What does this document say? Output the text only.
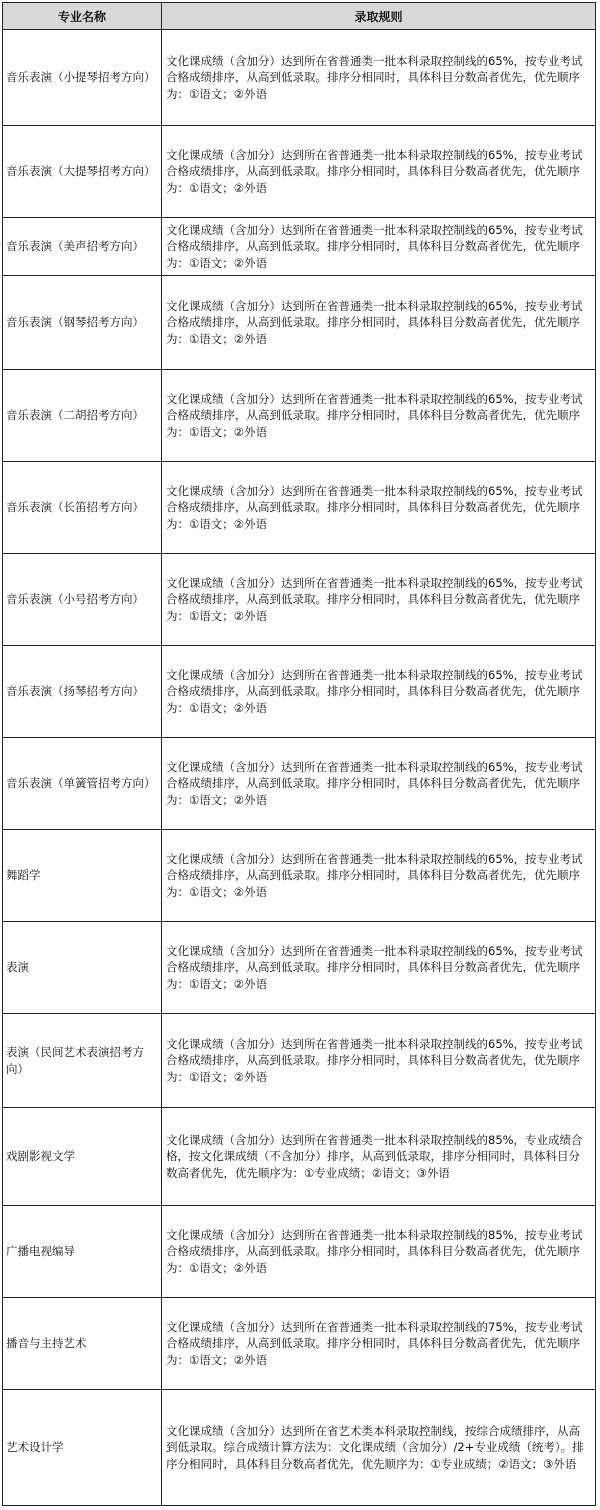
专业名称	录取规则
音乐表演（小提琴招考方向）	文化课成绩（含加分）达到所在省普通类一批本科录取控制线的65%，按专业考试合格成绩排序，从高到低录取。排序分相同时，具体科目分数高者优先，优先顺序为：①语文；②外语
音乐表演（大提琴招考方向）	文化课成绩（含加分）达到所在省普通类一批本科录取控制线的65%，按专业考试合格成绩排序，从高到低录取。排序分相同时，具体科目分数高者优先，优先顺序为：①语文；②外语
音乐表演（美声招考方向）	文化课成绩（含加分）达到所在省普通类一批本科录取控制线的65%，按专业考试合格成绩排序，从高到低录取。排序分相同时，具体科目分数高者优先，优先顺序为：①语文；②外语
音乐表演（钢琴招考方向）	文化课成绩（含加分）达到所在省普通类一批本科录取控制线的65%，按专业考试合格成绩排序，从高到低录取。排序分相同时，具体科目分数高者优先，优先顺序为：①语文；②外语
音乐表演（二胡招考方向）	文化课成绩（含加分）达到所在省普通类一批本科录取控制线的65%，按专业考试合格成绩排序，从高到低录取。排序分相同时，具体科目分数高者优先，优先顺序为：①语文；②外语
音乐表演（长笛招考方向）	文化课成绩（含加分）达到所在省普通类一批本科录取控制线的65%，按专业考试合格成绩排序，从高到低录取。排序分相同时，具体科目分数高者优先，优先顺序为：①语文；②外语
音乐表演（小号招考方向）	文化课成绩（含加分）达到所在省普通类一批本科录取控制线的65%，按专业考试合格成绩排序，从高到低录取。排序分相同时，具体科目分数高者优先，优先顺序为：①语文；②外语
音乐表演（扬琴招考方向）	文化课成绩（含加分）达到所在省普通类一批本科录取控制线的65%，按专业考试合格成绩排序，从高到低录取。排序分相同时，具体科目分数高者优先，优先顺序为：①语文；②外语
音乐表演（单簧管招考方向）	文化课成绩（含加分）达到所在省普通类一批本科录取控制线的65%，按专业考试合格成绩排序，从高到低录取。排序分相同时，具体科目分数高者优先，优先顺序为：①语文；②外语
舞蹈学	文化课成绩（含加分）达到所在省普通类一批本科录取控制线的65%，按专业考试合格成绩排序，从高到低录取。排序分相同时，具体科目分数高者优先，优先顺序为：①语文；②外语
表演	文化课成绩（含加分）达到所在省普通类一批本科录取控制线的65%，按专业考试合格成绩排序，从高到低录取。排序分相同时，具体科目分数高者优先，优先顺序为：①语文；②外语
表演（民间艺术表演招考方向）	文化课成绩（含加分）达到所在省普通类一批本科录取控制线的65%，按专业考试合格成绩排序，从高到低录取。排序分相同时，具体科目分数高者优先，优先顺序为：①语文；②外语
戏剧影视文学	文化课成绩（含加分）达到所在省普通类一批本科录取控制线的85%，专业成绩合格，按文化课成绩（不含加分）排序，从高到低录取，排序分相同时，具体科目分数高者优先，优先顺序为：①专业成绩；②语文；③外语
广播电视编导	文化课成绩（含加分）达到所在省普通类一批本科录取控制线的85%，按专业考试合格成绩排序，从高到低录取。排序分相同时，具体科目分数高者优先，优先顺序为：①语文；②外语
播音与主持艺术	文化课成绩（含加分）达到所在省普通类一批本科录取控制线的75%，按专业考试合格成绩排序，从高到低录取。排序分相同时，具体科目分数高者优先，优先顺序为：①语文；②外语
艺术设计学	文化课成绩（含加分）达到所在省艺术类本科录取控制线，按综合成绩排序，从高到低录取。综合成绩计算方法为：文化课成绩（含加分）/2+专业成绩（统考）。排序分相同时，具体科目分数高者优先，优先顺序为：①专业成绩；②语文；③外语
